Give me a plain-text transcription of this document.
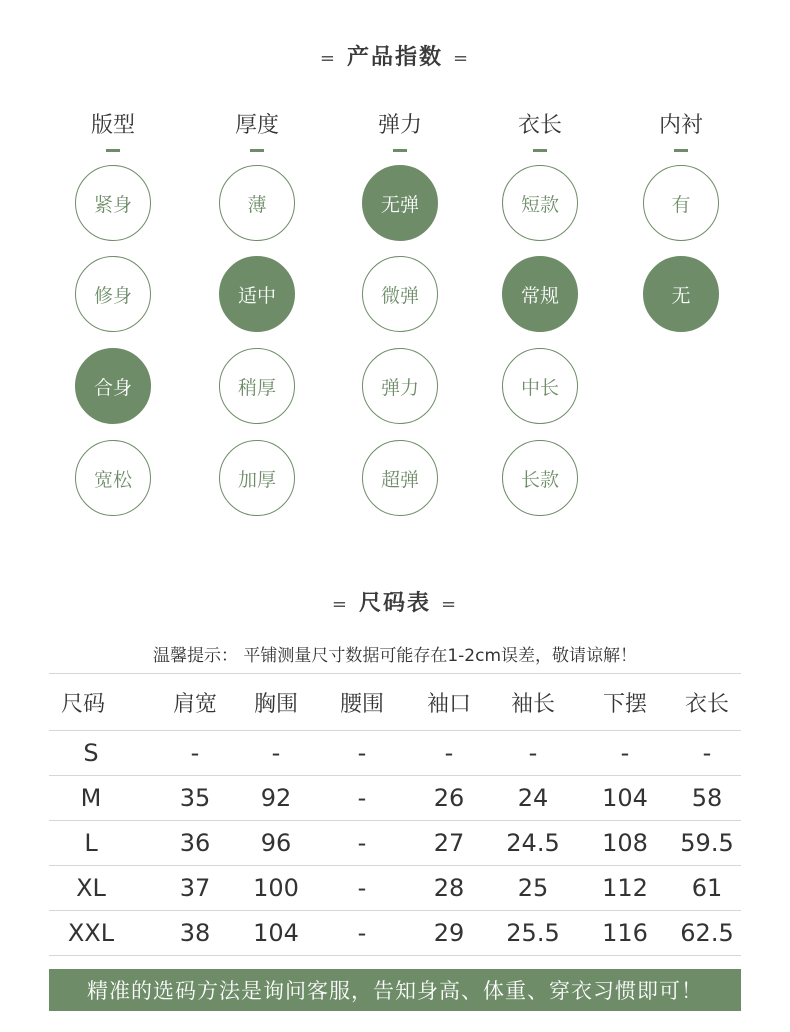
= 产品指数 =
版型	厚度	弹力	衣长	内衬
紧身
修身
合身
宽松
薄
适中
稍厚
加厚
无弹
微弹
弹力
超弹
短款
常规
中长
长款
有
无
= 尺码表 =
温馨提示： 平铺测量尺寸数据可能存在1-2cm误差，敬请谅解！
尺码	肩宽	胸围	腰围	袖口	袖长	下摆	衣长
S	-	-	-	-	-	-	-
M	35	92	-	26	24	104	58
L	36	96	-	27	24.5	108	59.5
XL	37	100	-	28	25	112	61
XXL	38	104	-	29	25.5	116	62.5
精准的选码方法是询问客服，告知身高、体重、穿衣习惯即可！
